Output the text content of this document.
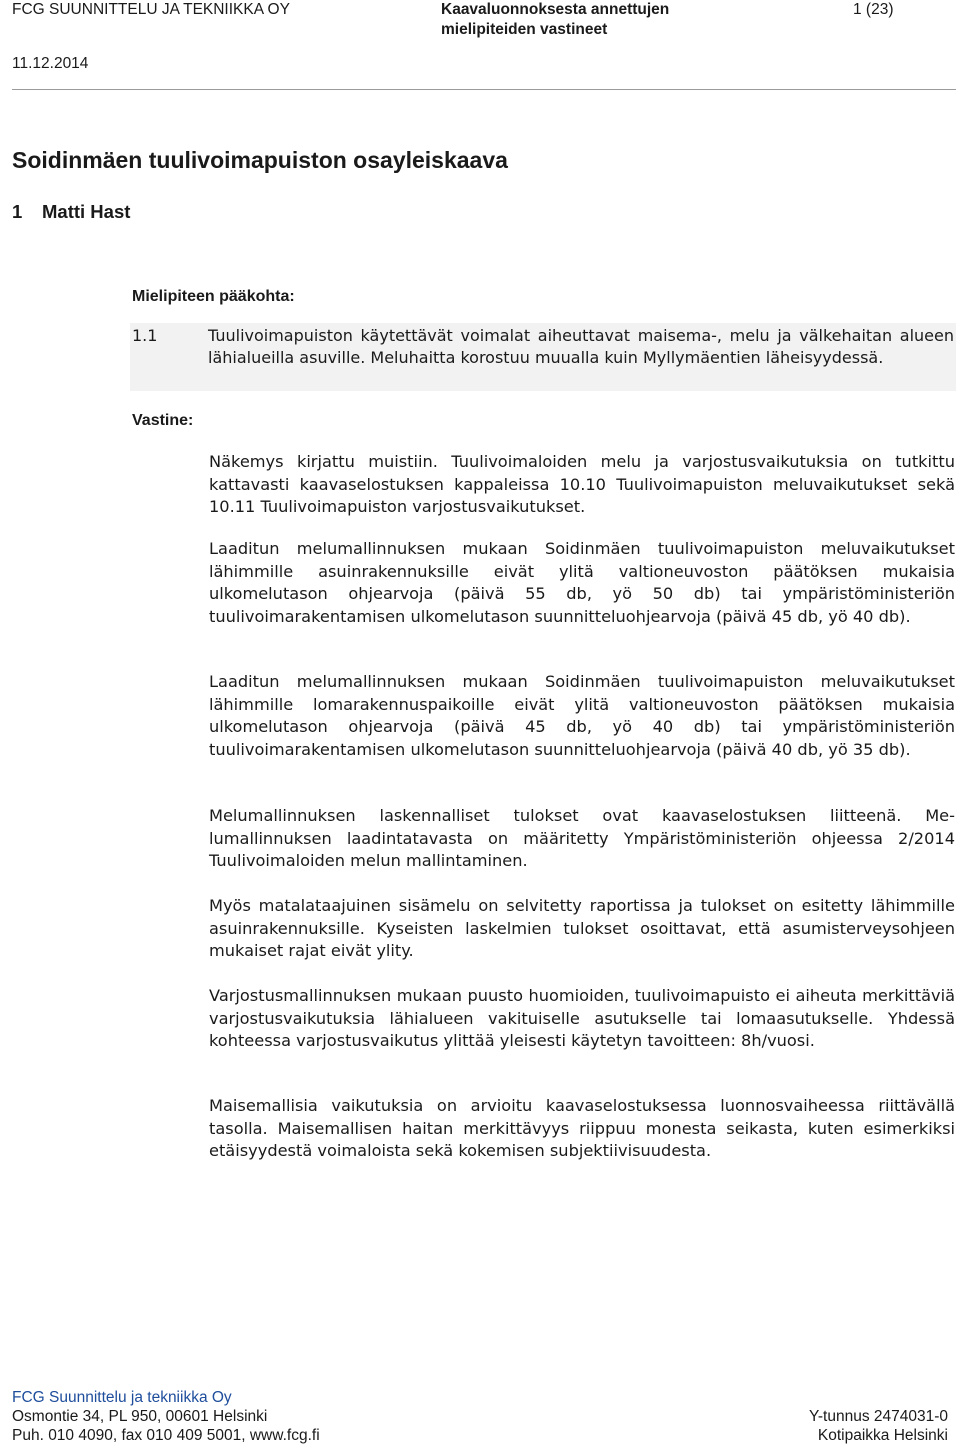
FCG SUUNNITTELU JA TEKNIIKKA OY	Kaavaluonnoksesta annettujen mielipiteiden vastineet
1 (23)
11.12.2014
Soidinmäen tuulivoimapuiston osayleiskaava
1 Matti Hast
Mielipiteen pääkohta:
1.1	Tuulivoimapuiston käytettävät voimalat aiheuttavat maisema-, melu ja välkehaitan alueen lähialueilla asuville. Meluhaitta korostuu muualla kuin Myllymäentien läheisyydessä.
Vastine:

Näkemys kirjattu muistiin. Tuulivoimaloiden melu ja varjostusvaikutuksia on tutkittu kattavasti kaavaselostuksen kappaleissa 10.10 Tuulivoimapuiston meluvaikutukset sekä 10.11 Tuulivoimapuiston varjostusvaikutukset.

Laaditun melumallinnuksen mukaan Soidinmäen tuulivoimapuiston meluvaikutukset lähimmille asuinrakennuksille eivät ylitä valtioneuvoston päätöksen mukaisia ulkomelutason ohjearvoja (päivä 55 db, yö 50 db) tai ympäristöministeriön tuulivoimarakentamisen ulkomelutason suunnitteluohjearvoja (päivä 45 db, yö 40 db).

Laaditun melumallinnuksen mukaan Soidinmäen tuulivoimapuiston meluvaikutukset lähimmille lomarakennuspaikoille eivät ylitä valtioneuvoston päätöksen mukaisia ulkomelutason ohjearvoja (päivä 45 db, yö 40 db) tai ympäristöministeriön tuulivoimarakentamisen ulkomelutason suunnitteluohjearvoja (päivä 40 db, yö 35 db).

Melumallinnuksen laskennalliset tulokset ovat kaavaselostuksen liitteenä. Melumallinnuksen laadintatavasta on määritetty Ympäristöministeriön ohjeessa 2/2014 Tuulivoimaloiden melun mallintaminen.

Myös matalataajuinen sisämelu on selvitetty raportissa ja tulokset on esitetty lähimmille asuinrakennuksille. Kyseisten laskelmien tulokset osoittavat, että asumisterveysohjeen mukaiset rajat eivät ylity.

Varjostusmallinnuksen mukaan puusto huomioiden, tuulivoimapuisto ei aiheuta merkittäviä varjostusvaikutuksia lähialueen vakituiselle asutukselle tai lomaasutukselle. Yhdessä kohteessa varjostusvaikutus ylittää yleisesti käytetyn tavoitteen: 8h/vuosi.

Maisemallisia vaikutuksia on arvioitu kaavaselostuksessa luonnosvaiheessa riittävällä tasolla. Maisemallisen haitan merkittävyys riippuu monesta seikasta, kuten esimerkiksi etäisyydestä voimaloista sekä kokemisen subjektiivisuudesta.

FCG Suunnittelu ja tekniikka Oy
Osmontie 34, PL 950, 00601 Helsinki
Puh. 010 4090, fax 010 409 5001, www.fcg.fi
Y-tunnus 2474031-0
Kotipaikka Helsinki
